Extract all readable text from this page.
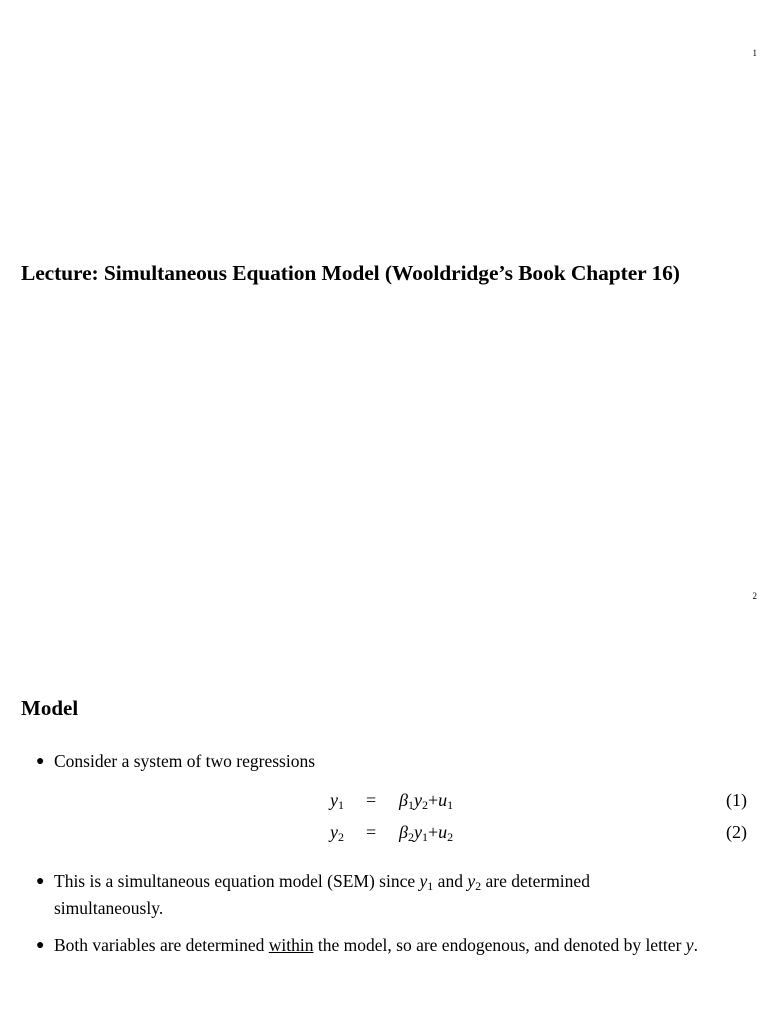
1
Lecture: Simultaneous Equation Model (Wooldridge’s Book Chapter 16)
2
Model
● Consider a system of two regressions
$y_1 = \beta_1y_2+u_1$	(1)
$y_2 = \beta_2y_1+u_2$	(2)
● This is a simultaneous equation model (SEM) since $y_1$ and $y_2$ are determined simultaneously.
● Both variables are determined within the model, so are endogenous, and denoted by letter y.
